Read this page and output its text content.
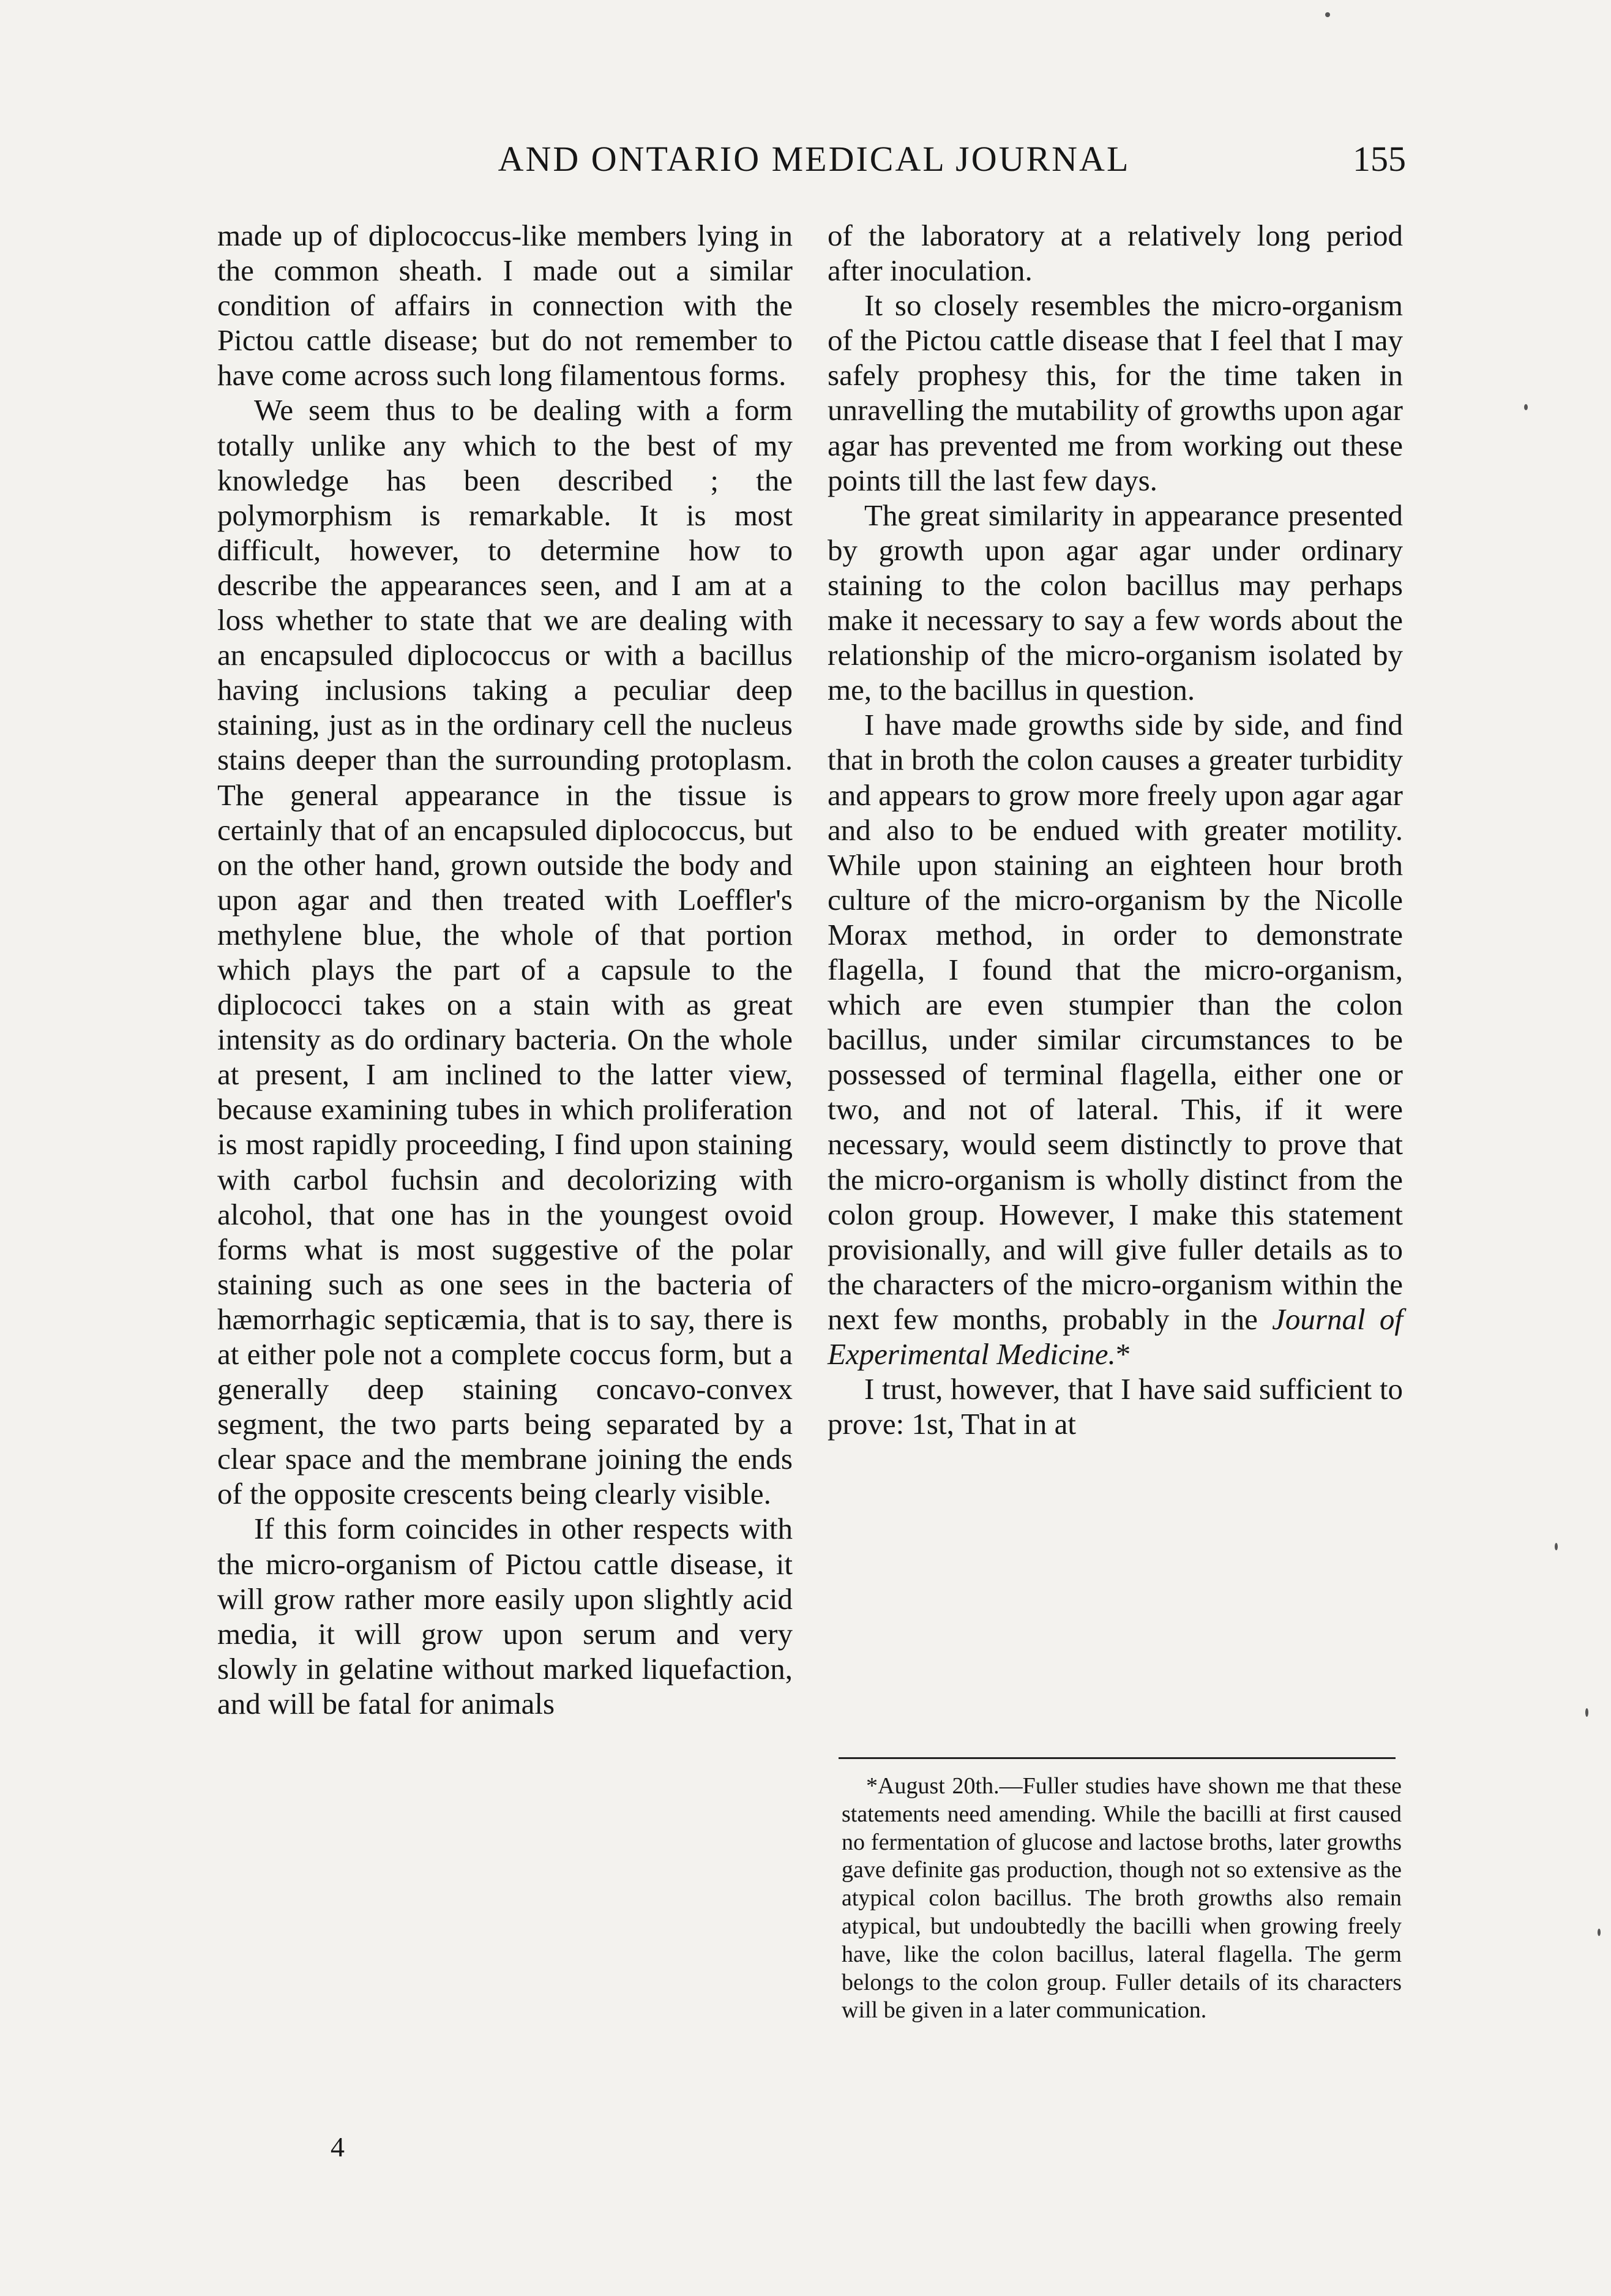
AND ONTARIO MEDICAL JOURNAL	155

made up of diplococcus-like members lying in the common sheath. I made out a similar condition of affairs in connection with the Pictou cattle disease; but do not remember to have come across such long filamentous forms.

We seem thus to be dealing with a form totally unlike any which to the best of my knowledge has been described ; the polymorphism is remarkable. It is most difficult, however, to determine how to describe the appearances seen, and I am at a loss whether to state that we are dealing with an encapsuled diplococcus or with a bacillus having inclusions taking a peculiar deep staining, just as in the ordinary cell the nucleus stains deeper than the surrounding protoplasm. The general appearance in the tissue is certainly that of an encapsuled diplococcus, but on the other hand, grown outside the body and upon agar and then treated with Loeffler's methylene blue, the whole of that portion which plays the part of a capsule to the diplococci takes on a stain with as great intensity as do ordinary bacteria. On the whole at present, I am inclined to the latter view, because examining tubes in which proliferation is most rapidly proceeding, I find upon staining with carbol fuchsin and decolorizing with alcohol, that one has in the youngest ovoid forms what is most suggestive of the polar staining such as one sees in the bacteria of hæmorrhagic septicæmia, that is to say, there is at either pole not a complete coccus form, but a generally deep staining concavo-convex segment, the two parts being separated by a clear space and the membrane joining the ends of the opposite crescents being clearly visible.

If this form coincides in other respects with the micro-organism of Pictou cattle disease, it will grow rather more easily upon slightly acid media, it will grow upon serum and very slowly in gelatine without marked liquefaction, and will be fatal for animals

of the laboratory at a relatively long period after inoculation.

It so closely resembles the micro-organism of the Pictou cattle disease that I feel that I may safely prophesy this, for the time taken in unravelling the mutability of growths upon agar agar has prevented me from working out these points till the last few days.

The great similarity in appearance presented by growth upon agar agar under ordinary staining to the colon bacillus may perhaps make it necessary to say a few words about the relationship of the micro-organism isolated by me, to the bacillus in question.

I have made growths side by side, and find that in broth the colon causes a greater turbidity and appears to grow more freely upon agar agar and also to be endued with greater motility. While upon staining an eighteen hour broth culture of the micro-organism by the Nicolle Morax method, in order to demonstrate flagella, I found that the micro-organism, which are even stumpier than the colon bacillus, under similar circumstances to be possessed of terminal flagella, either one or two, and not of lateral. This, if it were necessary, would seem distinctly to prove that the micro-organism is wholly distinct from the colon group. However, I make this statement provisionally, and will give fuller details as to the characters of the micro-organism within the next few months, probably in the Journal of Experimental Medicine.*

I trust, however, that I have said sufficient to prove: 1st, That in at

*August 20th.—Fuller studies have shown me that these statements need amending. While the bacilli at first caused no fermentation of glucose and lactose broths, later growths gave definite gas production, though not so extensive as the atypical colon bacillus. The broth growths also remain atypical, but undoubtedly the bacilli when growing freely have, like the colon bacillus, lateral flagella. The germ belongs to the colon group. Fuller details of its characters will be given in a later communication.

4
